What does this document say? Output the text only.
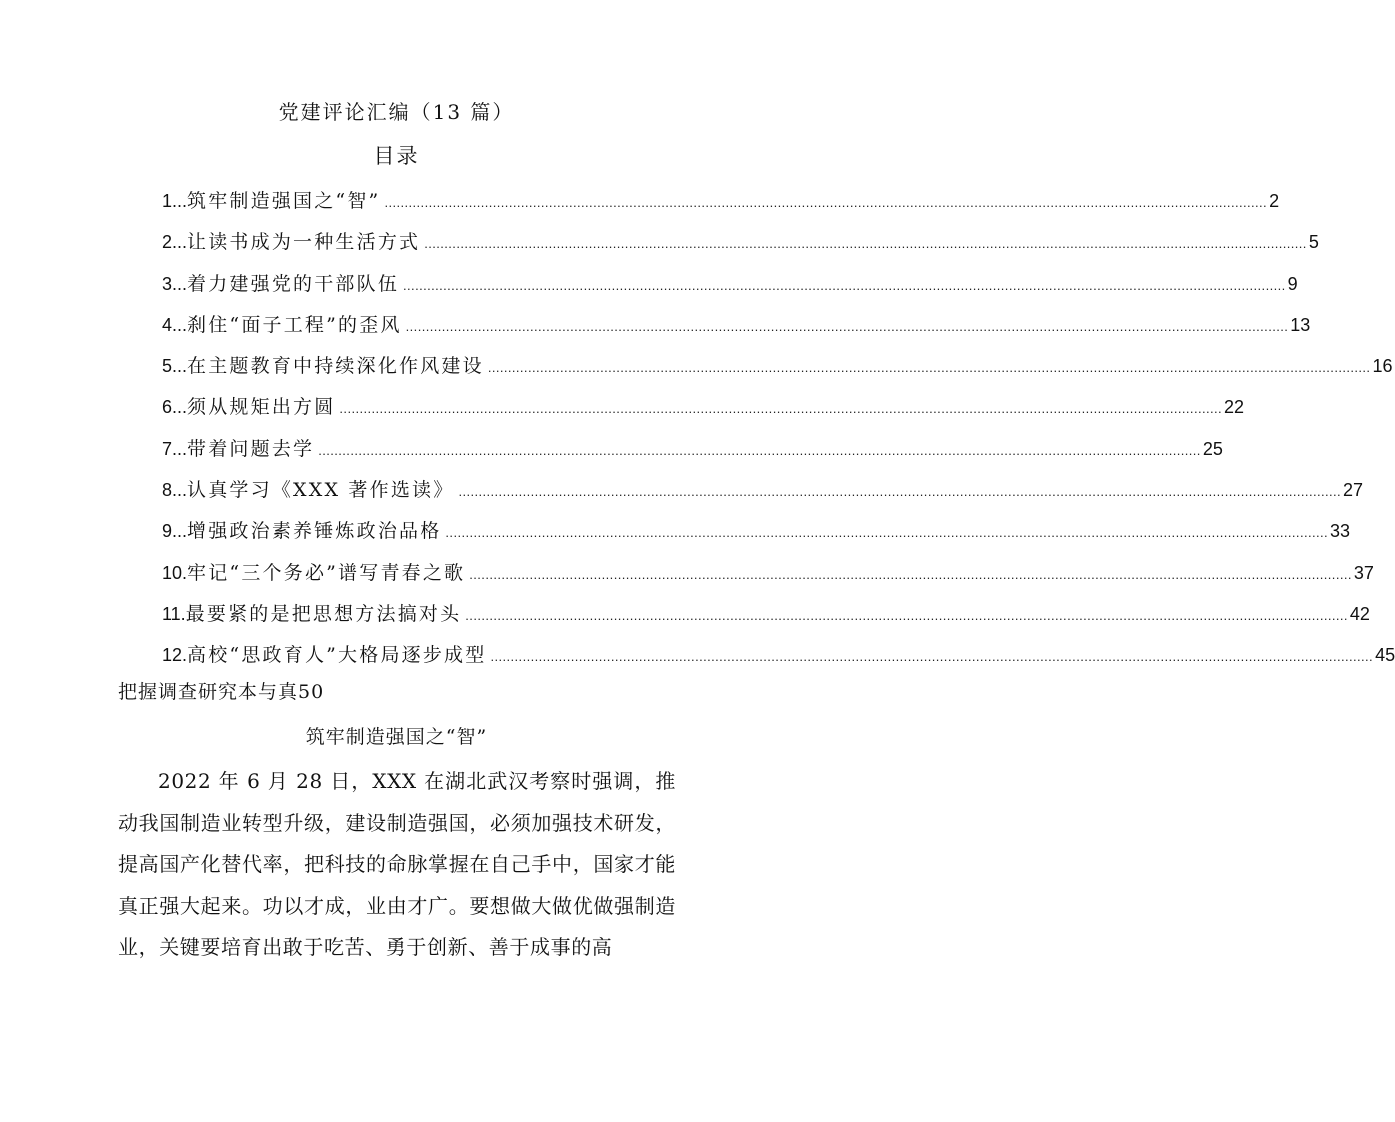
党建评论汇编（13 篇）
目录
1... 筑牢制造强国之“智” ............................................................................................................................................................................................................................ 2
2... 让读书成为一种生活方式 ............................................................................................................................................................................................................................ 5
3... 着力建强党的干部队伍 ............................................................................................................................................................................................................................ 9
4... 刹住“面子工程”的歪风 ............................................................................................................................................................................................................................ 13
5... 在主题教育中持续深化作风建设 ............................................................................................................................................................................................................................ 16
6... 须从规矩出方圆 ............................................................................................................................................................................................................................ 22
7... 带着问题去学 ............................................................................................................................................................................................................................ 25
8... 认真学习《XXX 著作选读》 ............................................................................................................................................................................................................................ 27
9... 增强政治素养锤炼政治品格 ............................................................................................................................................................................................................................ 33
10. 牢记“三个务必”谱写青春之歌 ............................................................................................................................................................................................................................ 37
11. 最要紧的是把思想方法搞对头 ............................................................................................................................................................................................................................ 42
12. 高校“思政育人”大格局逐步成型 ............................................................................................................................................................................................................................ 45
把握调查研究本与真50
筑牢制造强国之“智”
2022 年 6 月 28 日，XXX 在湖北武汉考察时强调，推动我国制造业转型升级，建设制造强国，必须加强技术研发，提高国产化替代率，把科技的命脉掌握在自己手中，国家才能真正强大起来。功以才成，业由才广。要想做大做优做强制造业，关键要培育出敢于吃苦、勇于创新、善于成事的高
